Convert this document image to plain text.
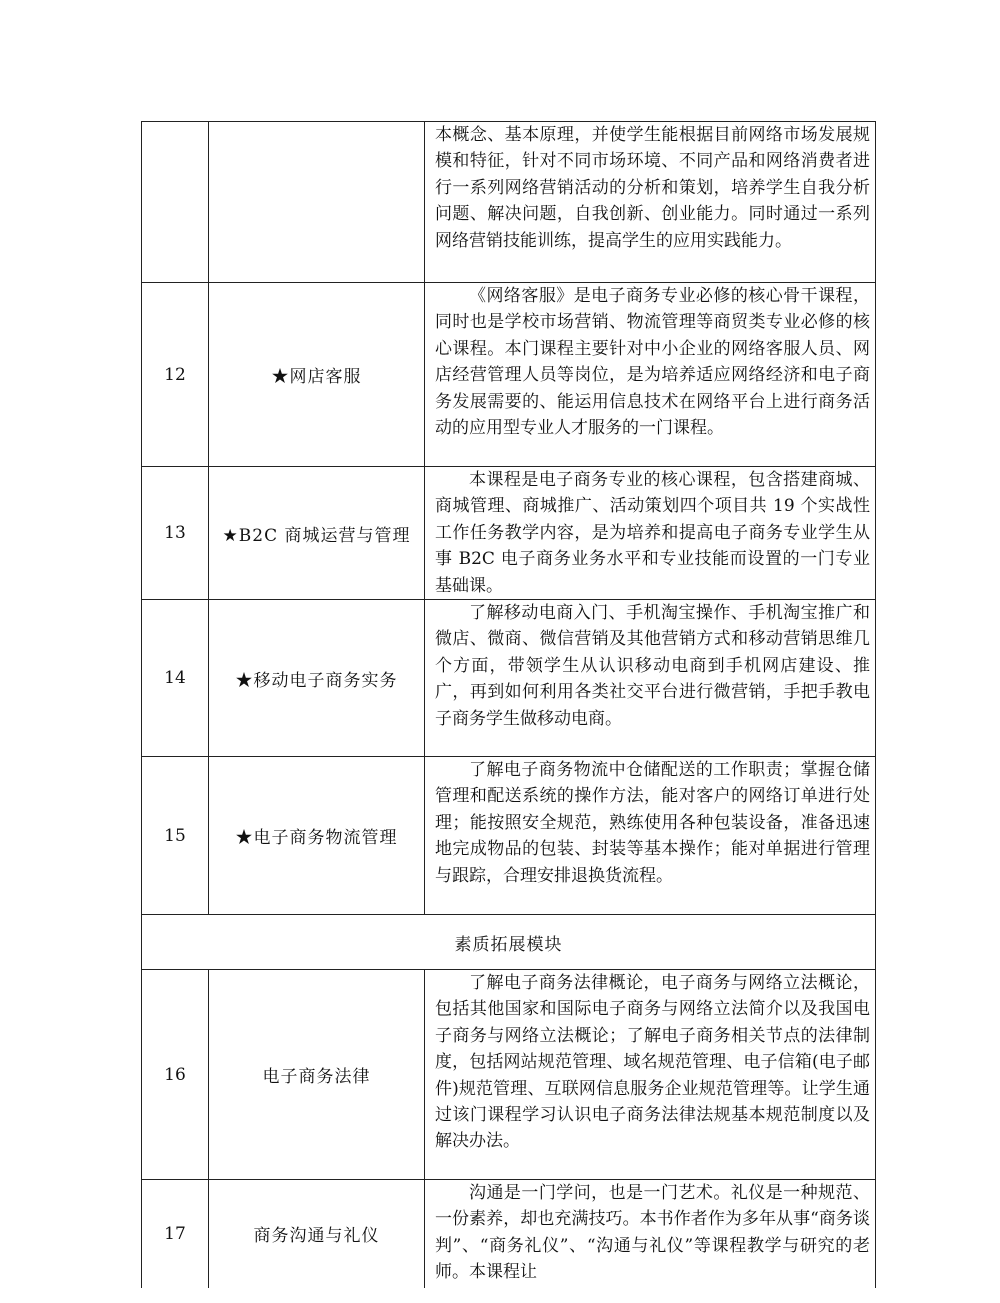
		本概念、基本原理，并使学生能根据目前网络市场发展规模和特征，针对不同市场环境、不同产品和网络消费者进行一系列网络营销活动的分析和策划，培养学生自我分析问题、解决问题，自我创新、创业能力。同时通过一系列网络营销技能训练，提高学生的应用实践能力。

12	★网店客服	《网络客服》是电子商务专业必修的核心骨干课程，同时也是学校市场营销、物流管理等商贸类专业必修的核心课程。本门课程主要针对中小企业的网络客服人员、网店经营管理人员等岗位，是为培养适应网络经济和电子商务发展需要的、能运用信息技术在网络平台上进行商务活动的应用型专业人才服务的一门课程。

13	★B2C 商城运营与管理	本课程是电子商务专业的核心课程，包含搭建商城、商城管理、商城推广、活动策划四个项目共 19 个实战性工作任务教学内容，是为培养和提高电子商务专业学生从事 B2C 电子商务业务水平和专业技能而设置的一门专业基础课。

14	★移动电子商务实务	了解移动电商入门、手机淘宝操作、手机淘宝推广和微店、微商、微信营销及其他营销方式和移动营销思维几个方面，带领学生从认识移动电商到手机网店建设、推广，再到如何利用各类社交平台进行微营销，手把手教电子商务学生做移动电商。

15	★电子商务物流管理	了解电子商务物流中仓储配送的工作职责；掌握仓储管理和配送系统的操作方法，能对客户的网络订单进行处理；能按照安全规范，熟练使用各种包装设备，准备迅速地完成物品的包装、封装等基本操作；能对单据进行管理与跟踪，合理安排退换货流程。

素质拓展模块		
16	电子商务法律	了解电子商务法律概论，电子商务与网络立法概论，包括其他国家和国际电子商务与网络立法简介以及我国电子商务与网络立法概论；了解电子商务相关节点的法律制度，包括网站规范管理、域名规范管理、电子信箱(电子邮件)规范管理、互联网信息服务企业规范管理等。让学生通过该门课程学习认识电子商务法律法规基本规范制度以及解决办法。

17	商务沟通与礼仪	沟通是一门学问，也是一门艺术。礼仪是一种规范、一份素养，却也充满技巧。本书作者作为多年从事“商务谈判”、“商务礼仪”、“沟通与礼仪”等课程教学与研究的老师。本课程让
